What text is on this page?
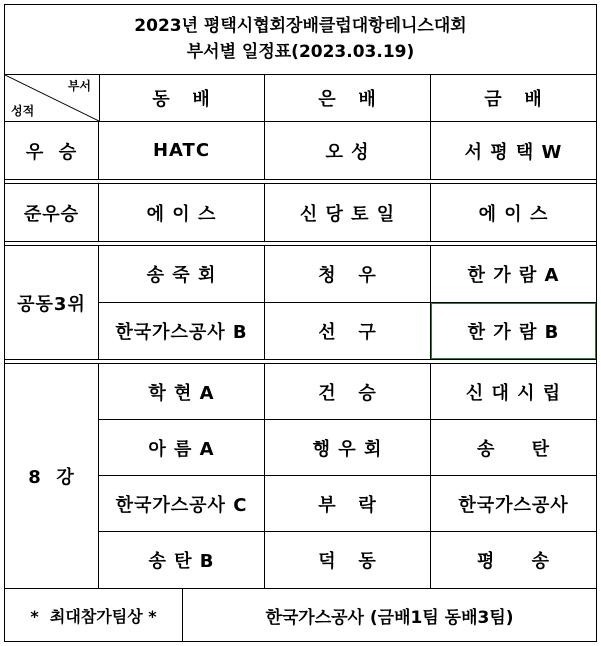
2023년 평택시협회장배클럽대항테니스대회
부서별 일정표(2023.03.19)
부서
성적
동   배	은   배	금   배
우  승	HATC	오 성	서 평 택 W
준우승	에 이 스	신 당 토 일	에 이 스
공동3위
송 죽 회	청   우	한 가 람 A
한국가스공사 B	선   구	한 가 람 B
8  강
학 현 A	건   승	신 대 시 립
아 름 A	행 우 회	송     탄
한국가스공사 C	부   락	한국가스공사
송 탄 B	덕   동	평     송
*  최대참가팀상 *	한국가스공사 (금배1팀 동배3팀)
